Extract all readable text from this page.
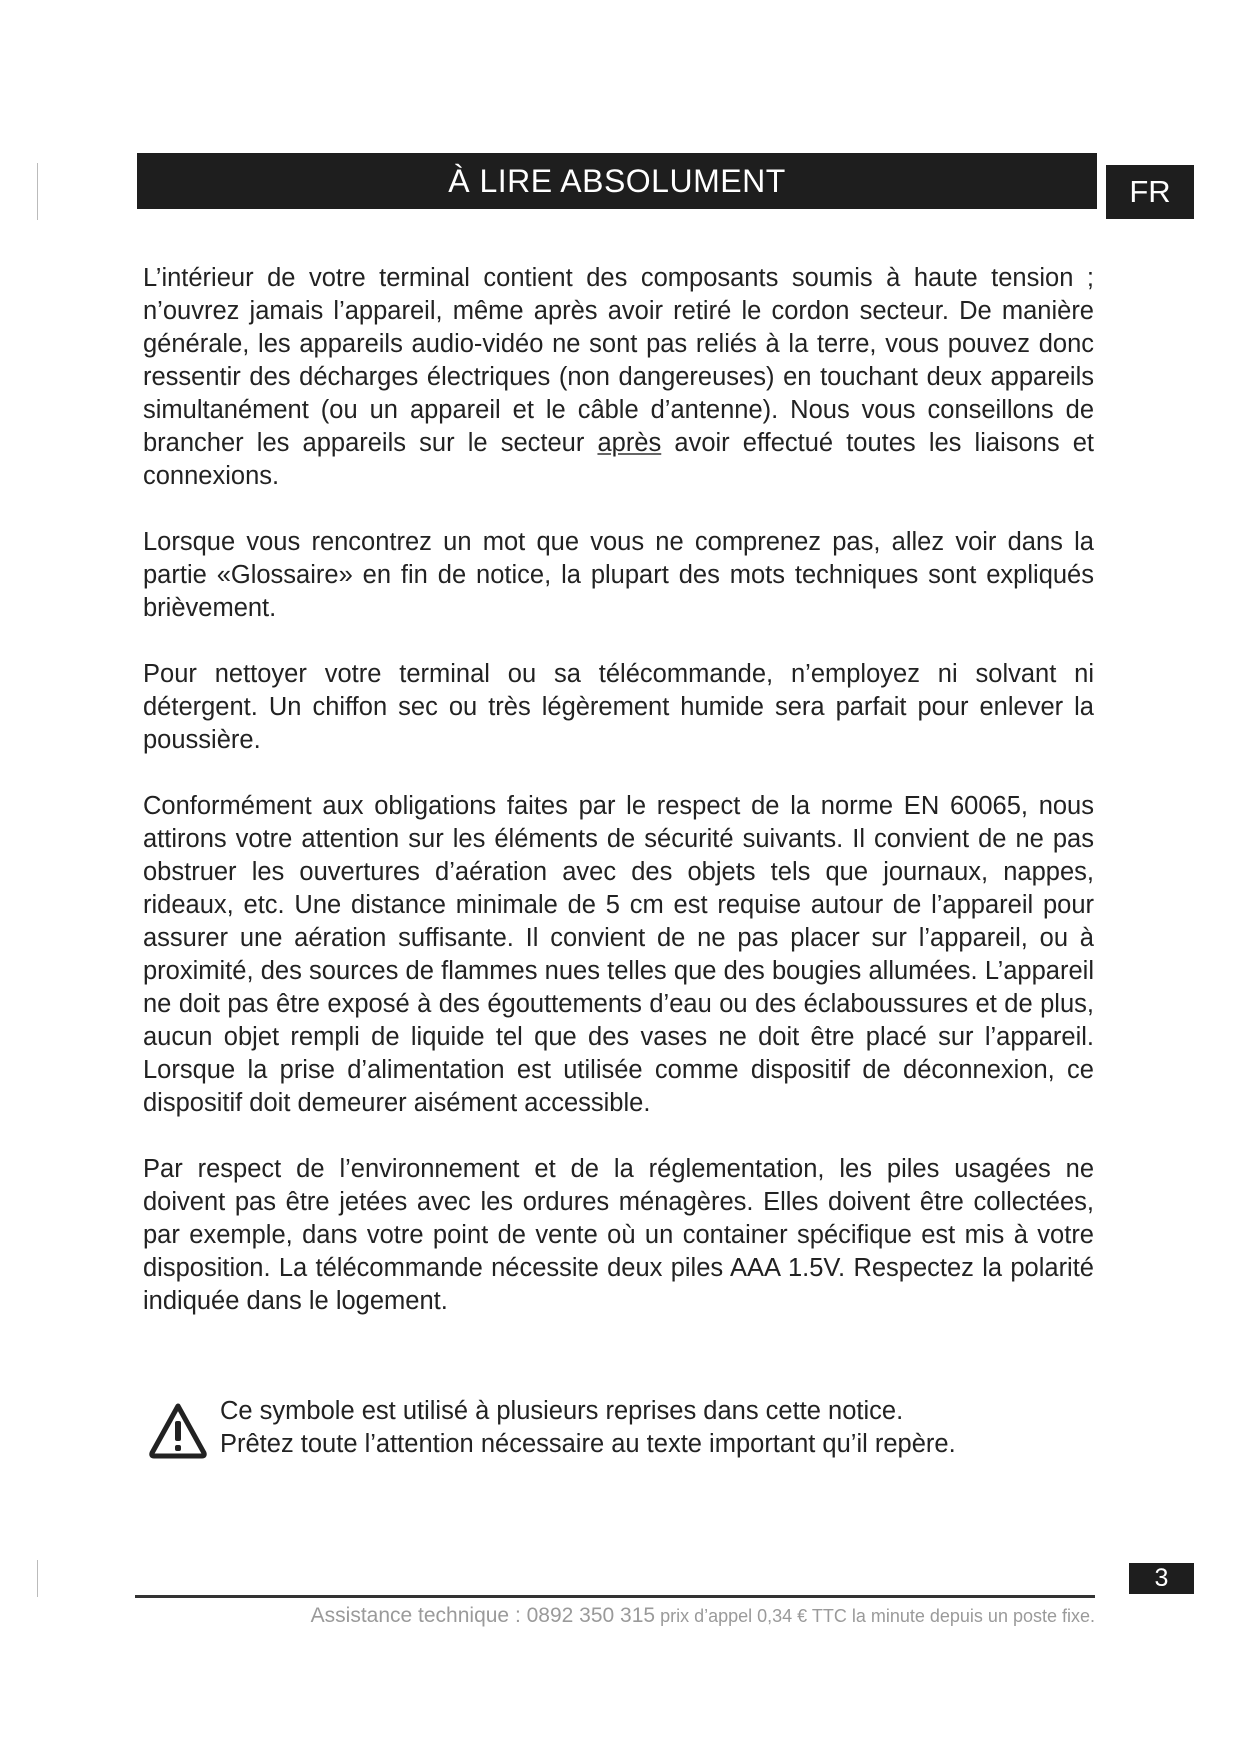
À LIRE ABSOLUMENT	FR

L’intérieur de votre terminal contient des composants soumis à haute tension ; n’ouvrez jamais l’appareil, même après avoir retiré le cordon secteur. De manière générale, les appareils audio-vidéo ne sont pas reliés à la terre, vous pouvez donc ressentir des décharges électriques (non dangereuses) en touchant deux appareils simultanément (ou un appareil et le câble d’antenne). Nous vous conseillons de brancher les appareils sur le secteur après avoir effectué toutes les liaisons et connexions.

Lorsque vous rencontrez un mot que vous ne comprenez pas, allez voir dans la partie «Glossaire» en fin de notice, la plupart des mots techniques sont expliqués brièvement.

Pour nettoyer votre terminal ou sa télécommande, n’employez ni solvant ni détergent. Un chiffon sec ou très légèrement humide sera parfait pour enlever la poussière.

Conformément aux obligations faites par le respect de la norme EN 60065, nous attirons votre attention sur les éléments de sécurité suivants. Il convient de ne pas obstruer les ouvertures d’aération avec des objets tels que journaux, nappes, rideaux, etc. Une distance minimale de 5 cm est requise autour de l’appareil pour assurer une aération suffisante. Il convient de ne pas placer sur l’appareil, ou à proximité, des sources de flammes nues telles que des bougies allumées. L’appareil ne doit pas être exposé à des égouttements d’eau ou des éclaboussures et de plus, aucun objet rempli de liquide tel que des vases ne doit être placé sur l’appareil. Lorsque la prise d’alimentation est utilisée comme dispositif de déconnexion, ce dispositif doit demeurer aisément accessible.

Par respect de l’environnement et de la réglementation, les piles usagées ne doivent pas être jetées avec les ordures ménagères. Elles doivent être collectées, par exemple, dans votre point de vente où un container spécifique est mis à votre disposition. La télécommande nécessite deux piles AAA 1.5V. Respectez la polarité indiquée dans le logement.

Ce symbole est utilisé à plusieurs reprises dans cette notice.
Prêtez toute l’attention nécessaire au texte important qu’il repère.
3
Assistance technique : 0892 350 315 prix d’appel 0,34 € TTC la minute depuis un poste fixe.
